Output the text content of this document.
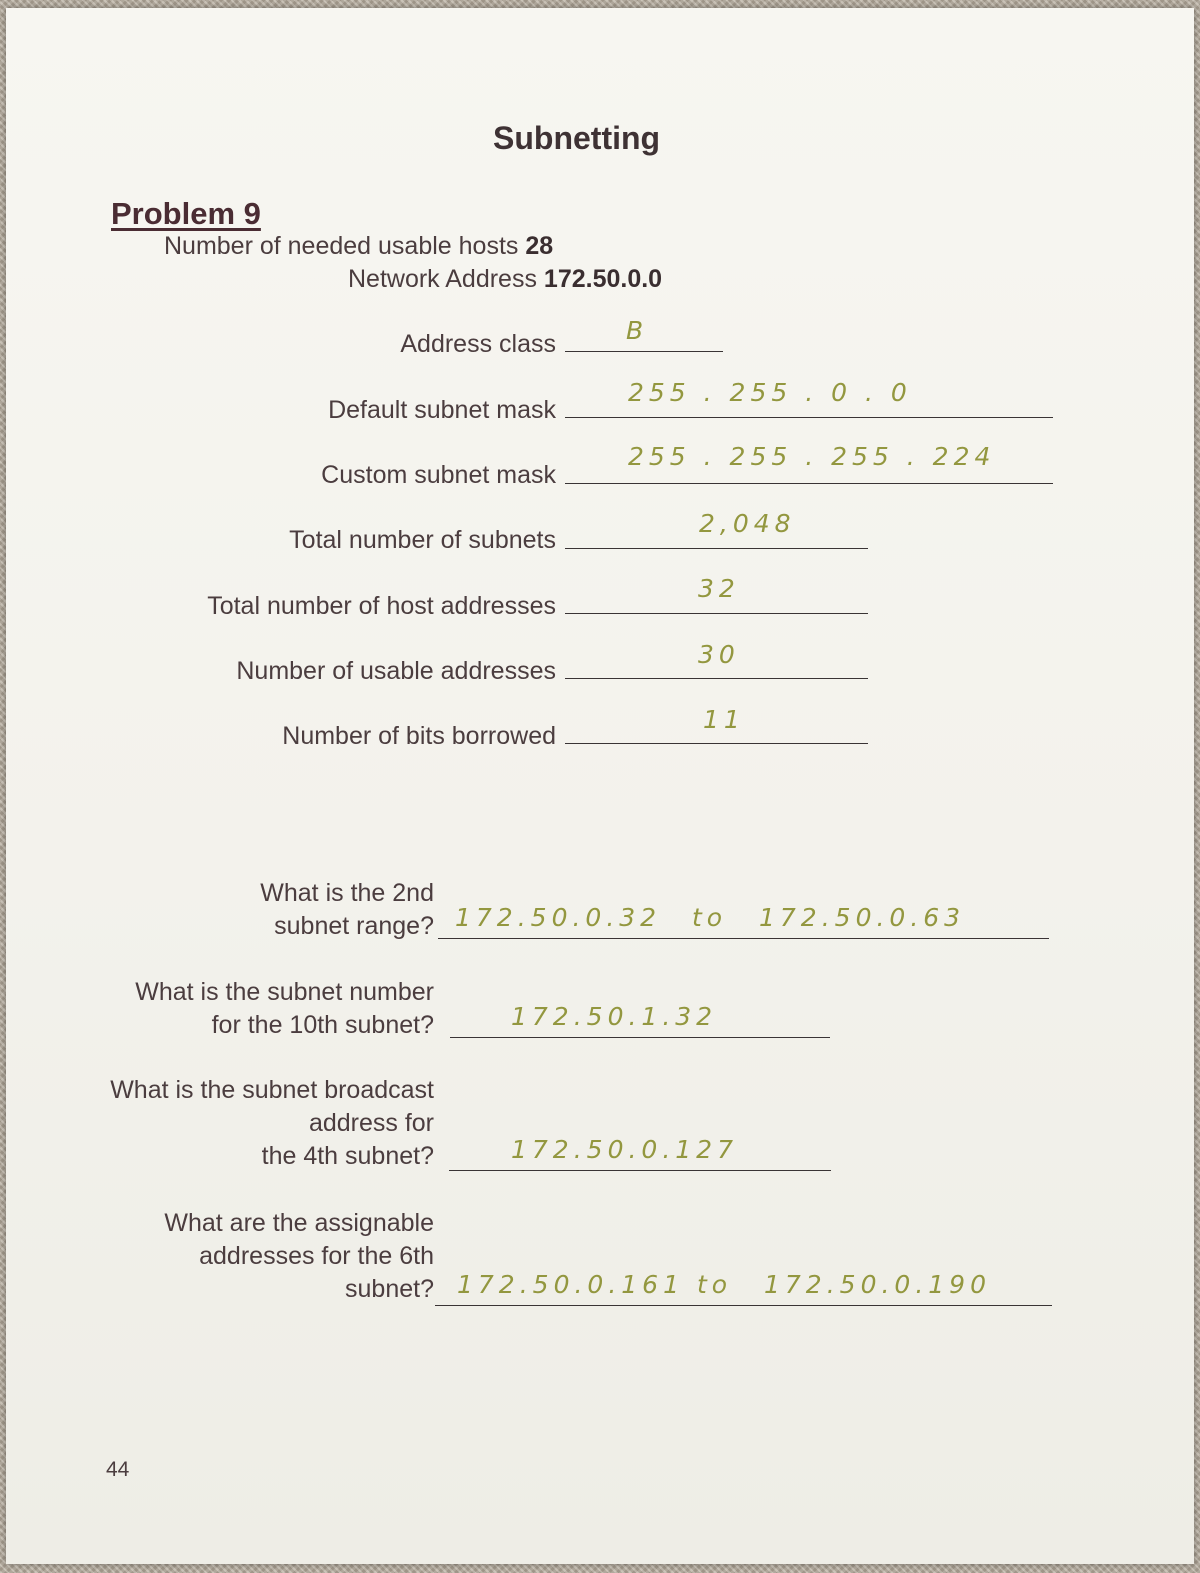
Subnetting
Problem 9
Number of needed usable hosts 28
Network Address 172.50.0.0
Address class	B
Default subnet mask
255 . 255 . 0 . 0
Custom subnet mask
255 . 255 . 255 . 224
Total number of subnets
2,048
Total number of host addresses
32
Number of usable addresses
30
Number of bits borrowed
11
What is the 2nd
subnet range? 172.50.0.32 to 172.50.0.63
What is the subnet number
for the 10th subnet?	172.50.1.32
What is the subnet broadcast
address for
the 4th subnet?	172.50.0.127
What are the assignable
addresses for the 6th
subnet? 172.50.0.161 to 172.50.0.190
44
